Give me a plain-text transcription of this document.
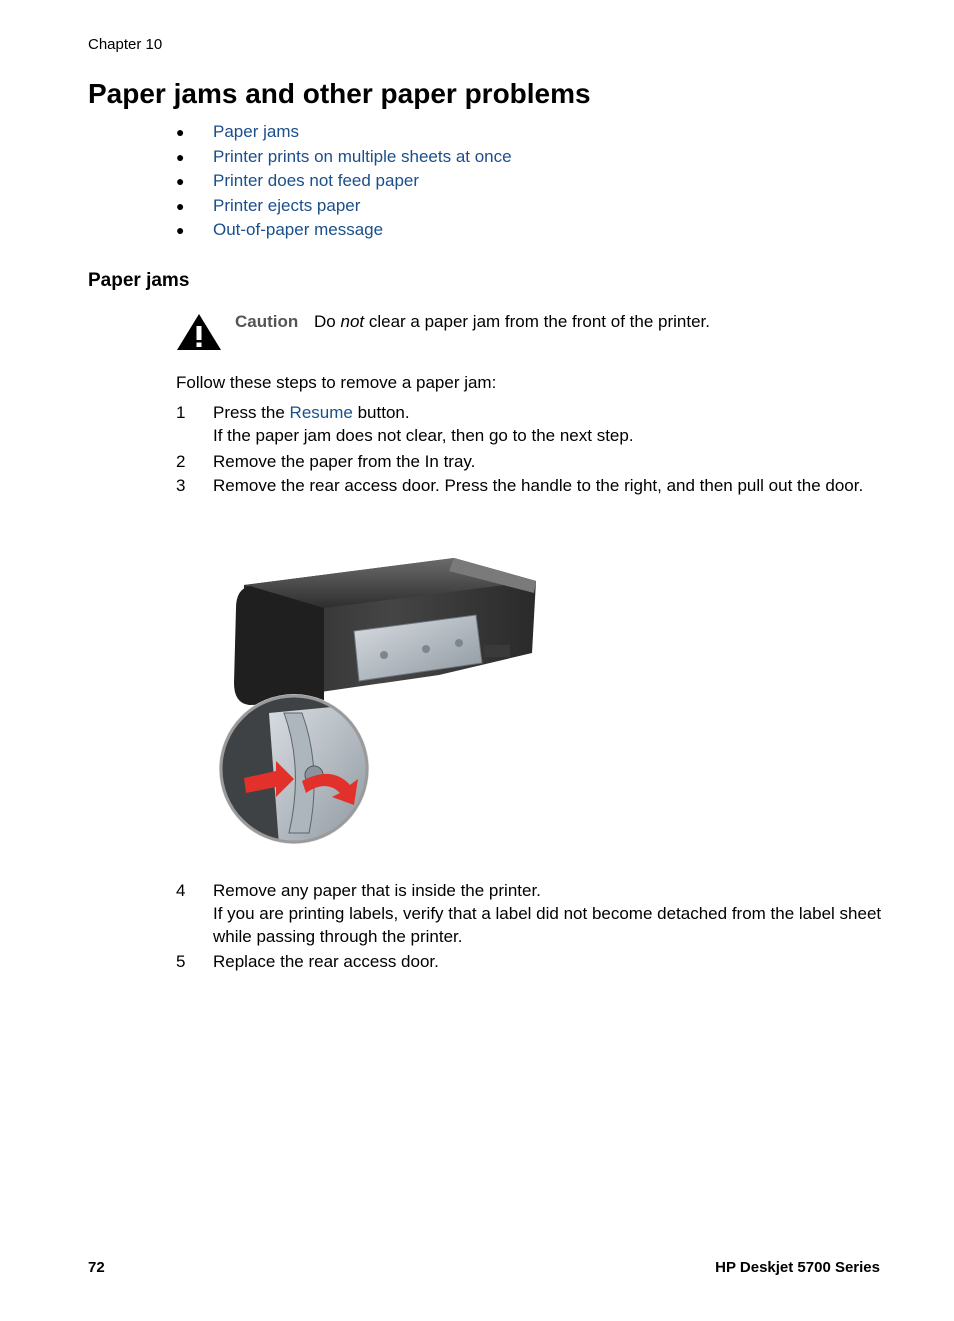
Chapter 10
Paper jams and other paper problems
● Paper jams
● Printer prints on multiple sheets at once
● Printer does not feed paper
● Printer ejects paper
● Out-of-paper message
Paper jams
Caution Do not clear a paper jam from the front of the printer.
Follow these steps to remove a paper jam:
1 Press the Resume button.
If the paper jam does not clear, then go to the next step.
2 Remove the paper from the In tray.
3 Remove the rear access door. Press the handle to the right, and then pull out the door.
4 Remove any paper that is inside the printer.
If you are printing labels, verify that a label did not become detached from the label sheet while passing through the printer.
5 Replace the rear access door.
72	HP Deskjet 5700 Series
